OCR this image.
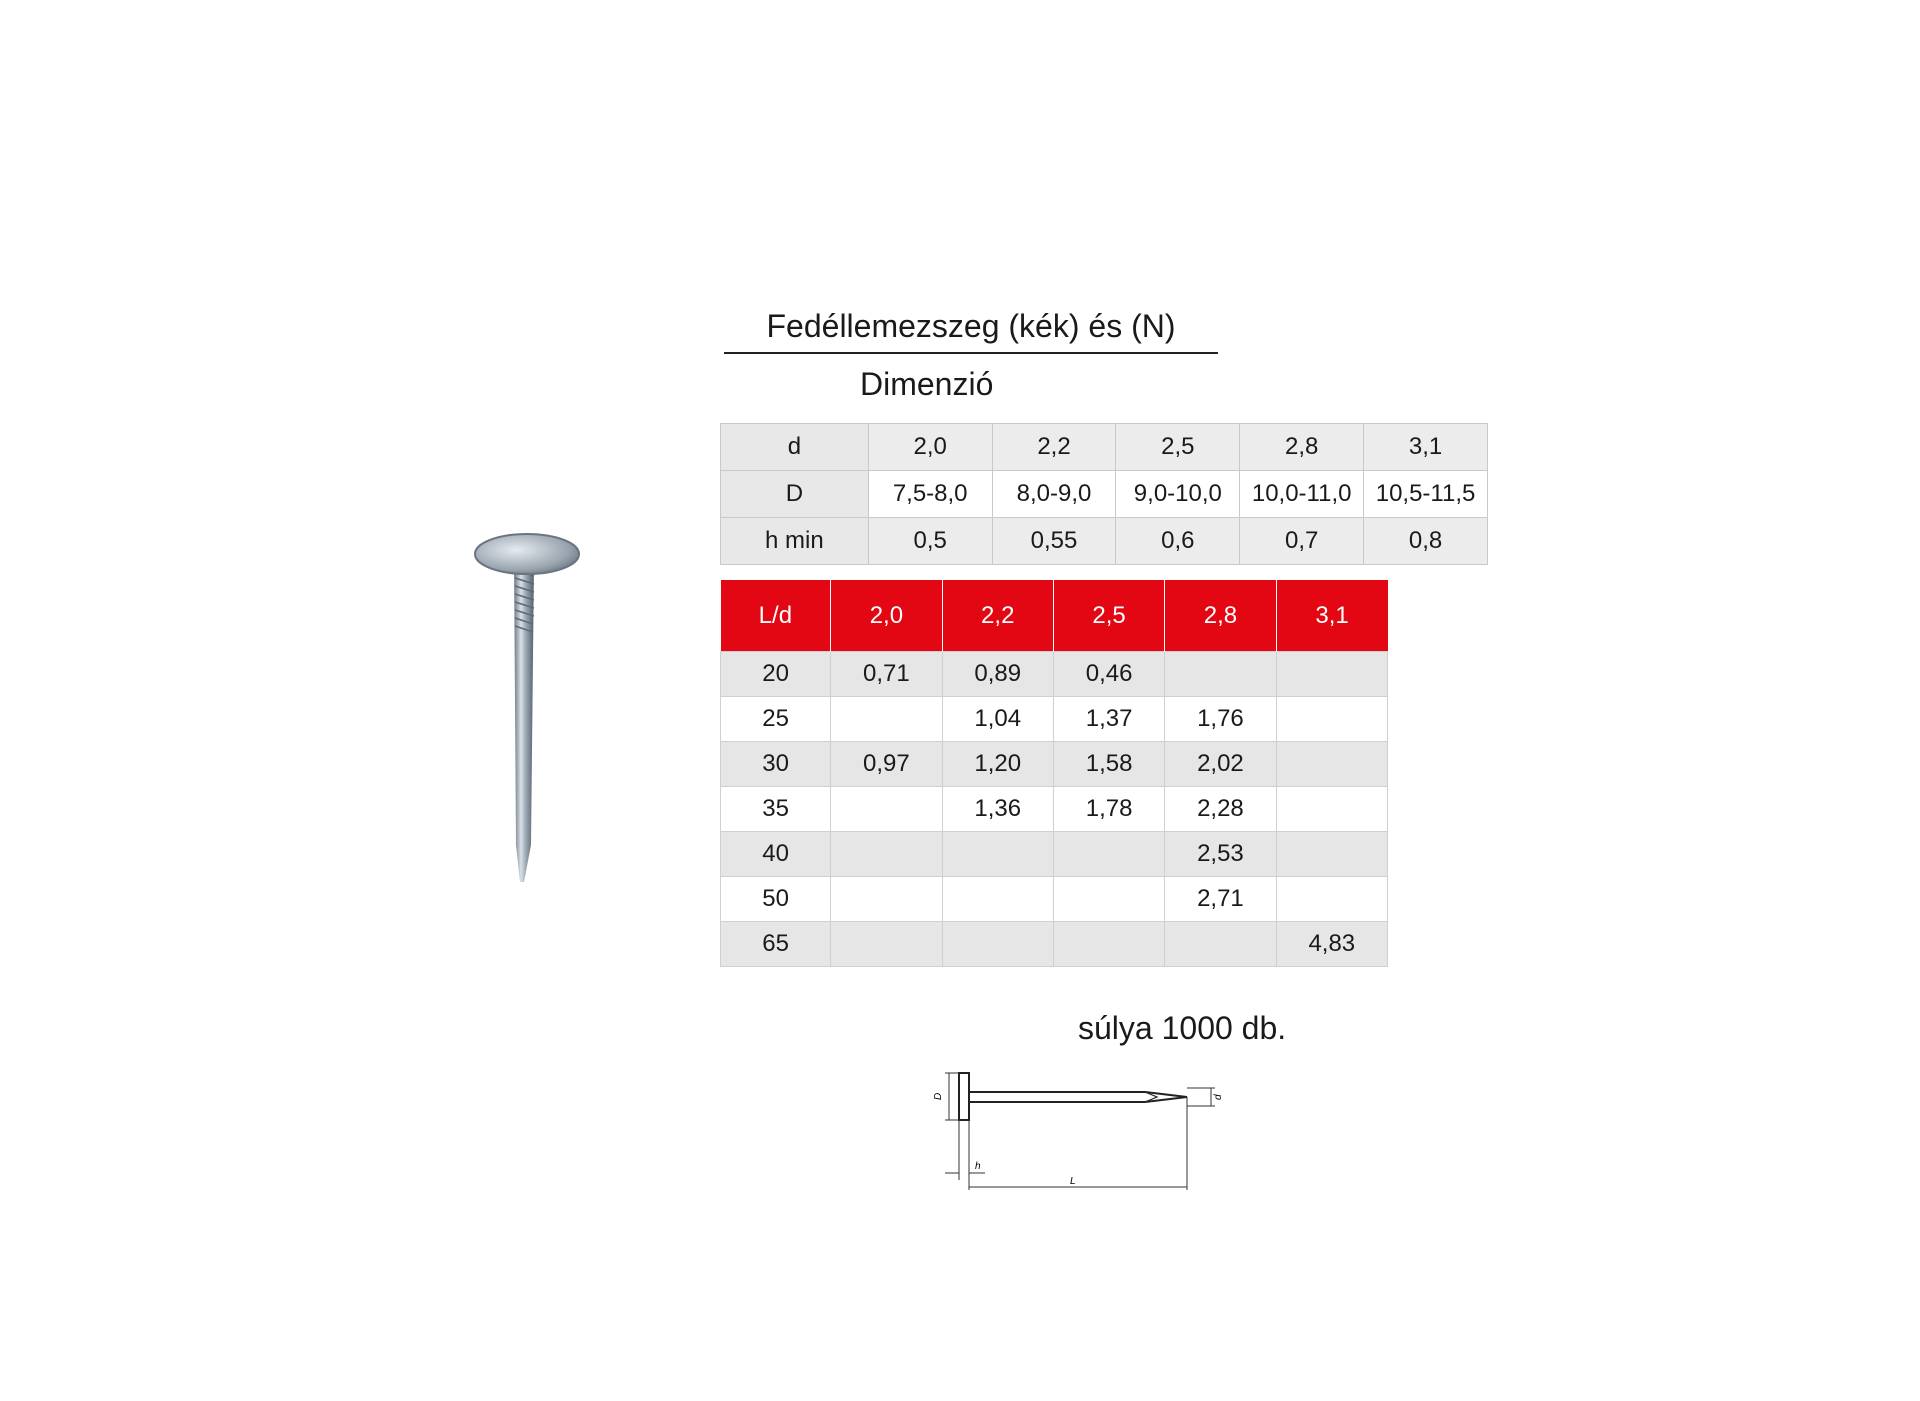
Fedéllemezszeg (kék) és (N)
Dimenzió
d	2,0	2,2	2,5	2,8	3,1
D	7,5-8,0	8,0-9,0	9,0-10,0	10,0-11,0	10,5-11,5
h min	0,5	0,55	0,6	0,7	0,8
L/d	2,0	2,2	2,5	2,8	3,1
20	0,71	0,89	0,46		
25		1,04	1,37	1,76	
30	0,97	1,20	1,58	2,02	
35		1,36	1,78	2,28	
40				2,53	
50				2,71	
65					4,83
súlya 1000 db.
D
h
L
d
